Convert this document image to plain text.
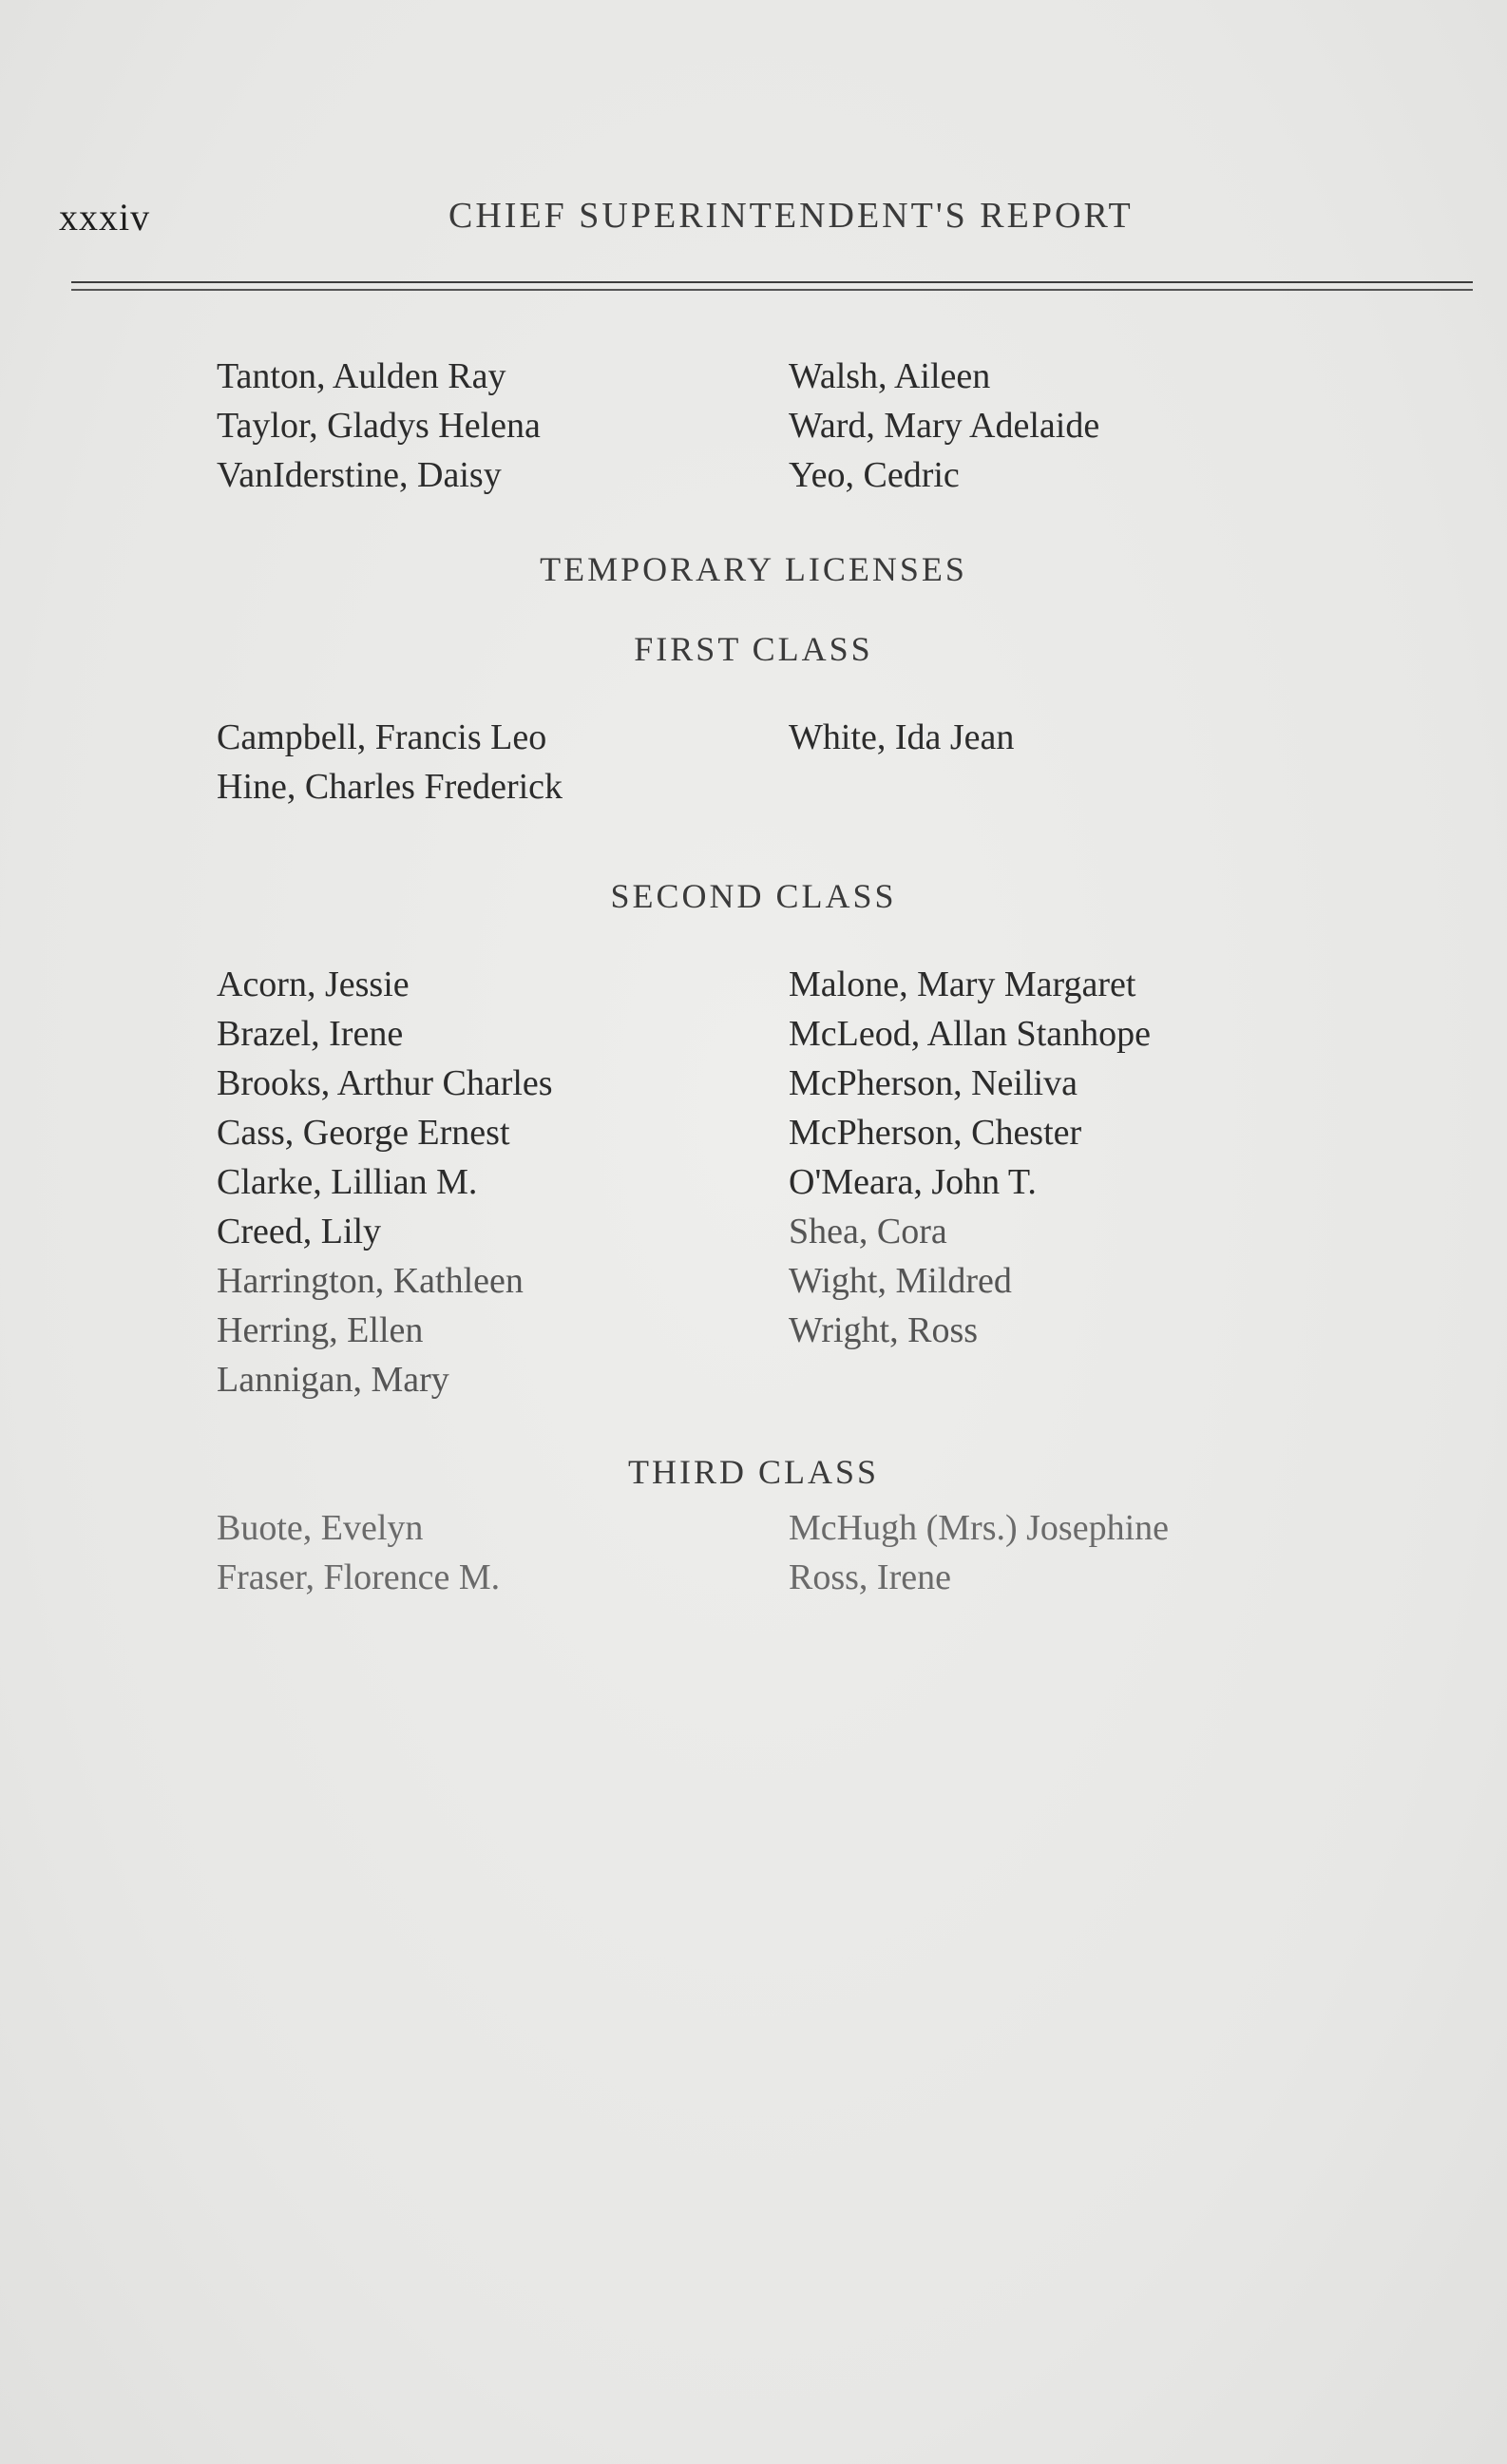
xxxiv	CHIEF SUPERINTENDENT'S REPORT
Tanton, Aulden Ray
Taylor, Gladys Helena
VanIderstine, Daisy
Walsh, Aileen
Ward, Mary Adelaide
Yeo, Cedric
TEMPORARY LICENSES
FIRST CLASS
Campbell, Francis Leo
Hine, Charles Frederick
White, Ida Jean
SECOND CLASS
Acorn, Jessie
Brazel, Irene
Brooks, Arthur Charles
Cass, George Ernest
Clarke, Lillian M.
Creed, Lily
Harrington, Kathleen
Herring, Ellen
Lannigan, Mary
Malone, Mary Margaret
McLeod, Allan Stanhope
McPherson, Neiliva
McPherson, Chester
O'Meara, John T.
Shea, Cora
Wight, Mildred
Wright, Ross
THIRD CLASS
Buote, Evelyn
Fraser, Florence M.
McHugh (Mrs.) Josephine
Ross, Irene
